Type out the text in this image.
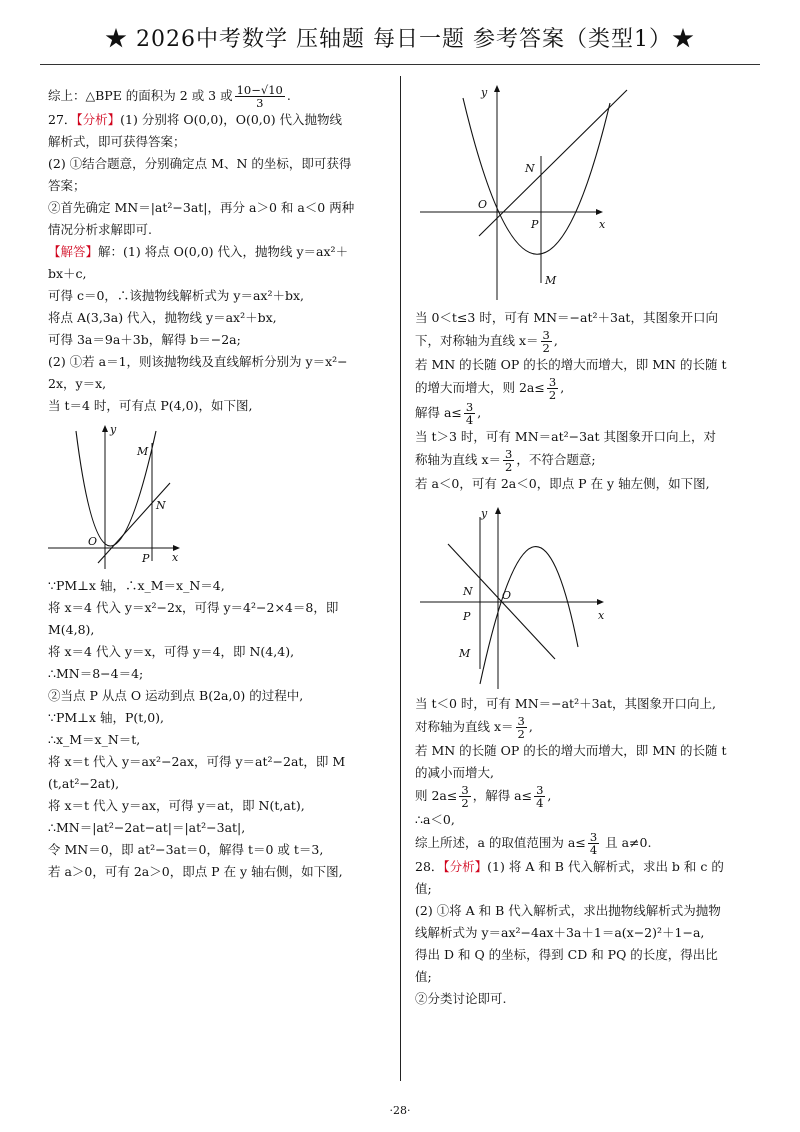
★ 2026中考数学 压轴题 每日一题 参考答案（类型1）★

综上：△BPE 的面积为 2 或 3 或 $\frac{10-√10}{3}$ .

27．【分析】(1) 分别将 O(0,0)，O(0,0) 代入抛物线

解析式，即可获得答案；

(2) ①结合题意，分别确定点 M、N 的坐标，即可获得

答案；

②首先确定 MN＝|at²−3at|，再分 a＞0 和 a＜0 两种

情况分析求解即可.

【解答】解：(1) 将点 O(0,0) 代入，抛物线 y＝ax²＋

bx＋c,

可得 c＝0，∴该抛物线解析式为 y＝ax²＋bx,

将点 A(3,3a) 代入，抛物线 y＝ax²＋bx,

可得 3a＝9a＋3b，解得 b＝−2a;

(2) ①若 a＝1，则该抛物线及直线解析分别为 y＝x²−

2x，y＝x,

当 t＝4 时，可有点 P(4,0)，如下图,

y
x
O
M
N
P

∵PM⊥x 轴，∴x_M＝x_N＝4,

将 x＝4 代入 y＝x²−2x，可得 y＝4²−2×4＝8，即

M(4,8),

将 x＝4 代入 y＝x，可得 y＝4，即 N(4,4),

∴MN＝8−4＝4;

②当点 P 从点 O 运动到点 B(2a,0) 的过程中,

∵PM⊥x 轴，P(t,0),

∴x_M＝x_N＝t,

将 x＝t 代入 y＝ax²−2ax，可得 y＝at²−2at，即 M

(t,at²−2at),

将 x＝t 代入 y＝ax，可得 y＝at，即 N(t,at),

∴MN＝|at²−2at−at|＝|at²−3at|,

令 MN＝0，即 at²−3at＝0，解得 t＝0 或 t＝3,

若 a＞0，可有 2a＞0，即点 P 在 y 轴右侧，如下图,

y
x
O
N
P
M

当 0＜t≤3 时，可有 MN＝−at²＋3at，其图象开口向

下，对称轴为直线 $x= \frac{3}{2}$ ,

若 MN 的长随 OP 的长的增大而增大，即 MN 的长随 t

的增大而增大，则 $2a\le \frac{3}{2}$ ,

解得 $a\le \frac{3}{4}$ ,

当 t＞3 时，可有 MN＝at²−3at 其图象开口向上，对

称轴为直线 $x= \frac{3}{2}$ ，不符合题意;

若 a＜0，可有 2a＜0，即点 P 在 y 轴左侧，如下图,

y
x
O
N
P
M

当 t＜0 时，可有 MN＝−at²＋3at，其图象开口向上,

对称轴为直线 $x= \frac{3}{2}$ ,

若 MN 的长随 OP 的长的增大而增大，即 MN 的长随 t

的减小而增大,

则 $2a\le \frac{3}{2}$ ，解得 $a\le \frac{3}{4}$ ,

∴a＜0,

综上所述，a 的取值范围为 $a\le \frac{3}{4}$ 且 a≠0.

28．【分析】(1) 将 A 和 B 代入解析式，求出 b 和 c 的

值;

(2) ①将 A 和 B 代入解析式，求出抛物线解析式为抛物

线解析式为 y＝ax²−4ax＋3a＋1＝a(x−2)²＋1−a,

得出 D 和 Q 的坐标，得到 CD 和 PQ 的长度，得出比

值;

②分类讨论即可.

·28·
